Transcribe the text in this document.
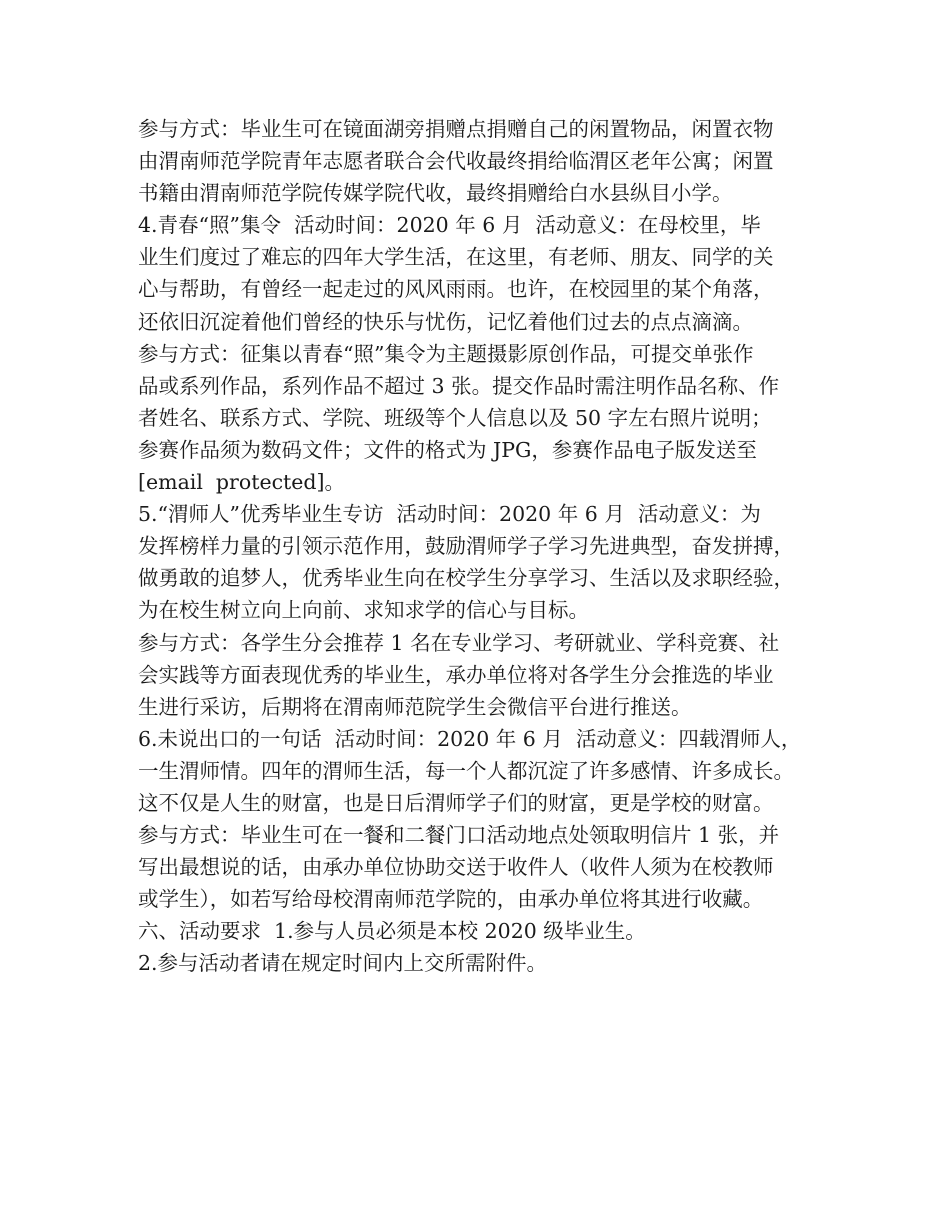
参与方式：毕业生可在镜面湖旁捐赠点捐赠自己的闲置物品，闲置衣物
由渭南师范学院青年志愿者联合会代收最终捐给临渭区老年公寓；闲置
书籍由渭南师范学院传媒学院代收，最终捐赠给白水县纵目小学。
4.青春“照”集令  活动时间：2020 年 6 月  活动意义：在母校里，毕
业生们度过了难忘的四年大学生活，在这里，有老师、朋友、同学的关
心与帮助，有曾经一起走过的风风雨雨。也许，在校园里的某个角落，
还依旧沉淀着他们曾经的快乐与忧伤，记忆着他们过去的点点滴滴。
参与方式：征集以青春“照”集令为主题摄影原创作品，可提交单张作
品或系列作品，系列作品不超过 3 张。提交作品时需注明作品名称、作
者姓名、联系方式、学院、班级等个人信息以及 50 字左右照片说明；
参赛作品须为数码文件；文件的格式为 JPG，参赛作品电子版发送至
[email  protected]。
5.“渭师人”优秀毕业生专访  活动时间：2020 年 6 月  活动意义：为
发挥榜样力量的引领示范作用，鼓励渭师学子学习先进典型，奋发拼搏，
做勇敢的追梦人，优秀毕业生向在校学生分享学习、生活以及求职经验，
为在校生树立向上向前、求知求学的信心与目标。
参与方式：各学生分会推荐 1 名在专业学习、考研就业、学科竞赛、社
会实践等方面表现优秀的毕业生，承办单位将对各学生分会推选的毕业
生进行采访，后期将在渭南师范院学生会微信平台进行推送。
6.未说出口的一句话  活动时间：2020 年 6 月  活动意义：四载渭师人，
一生渭师情。四年的渭师生活，每一个人都沉淀了许多感情、许多成长。
这不仅是人生的财富，也是日后渭师学子们的财富，更是学校的财富。
参与方式：毕业生可在一餐和二餐门口活动地点处领取明信片 1 张，并
写出最想说的话，由承办单位协助交送于收件人（收件人须为在校教师
或学生），如若写给母校渭南师范学院的，由承办单位将其进行收藏。
六、活动要求  1.参与人员必须是本校 2020 级毕业生。
2.参与活动者请在规定时间内上交所需附件。
